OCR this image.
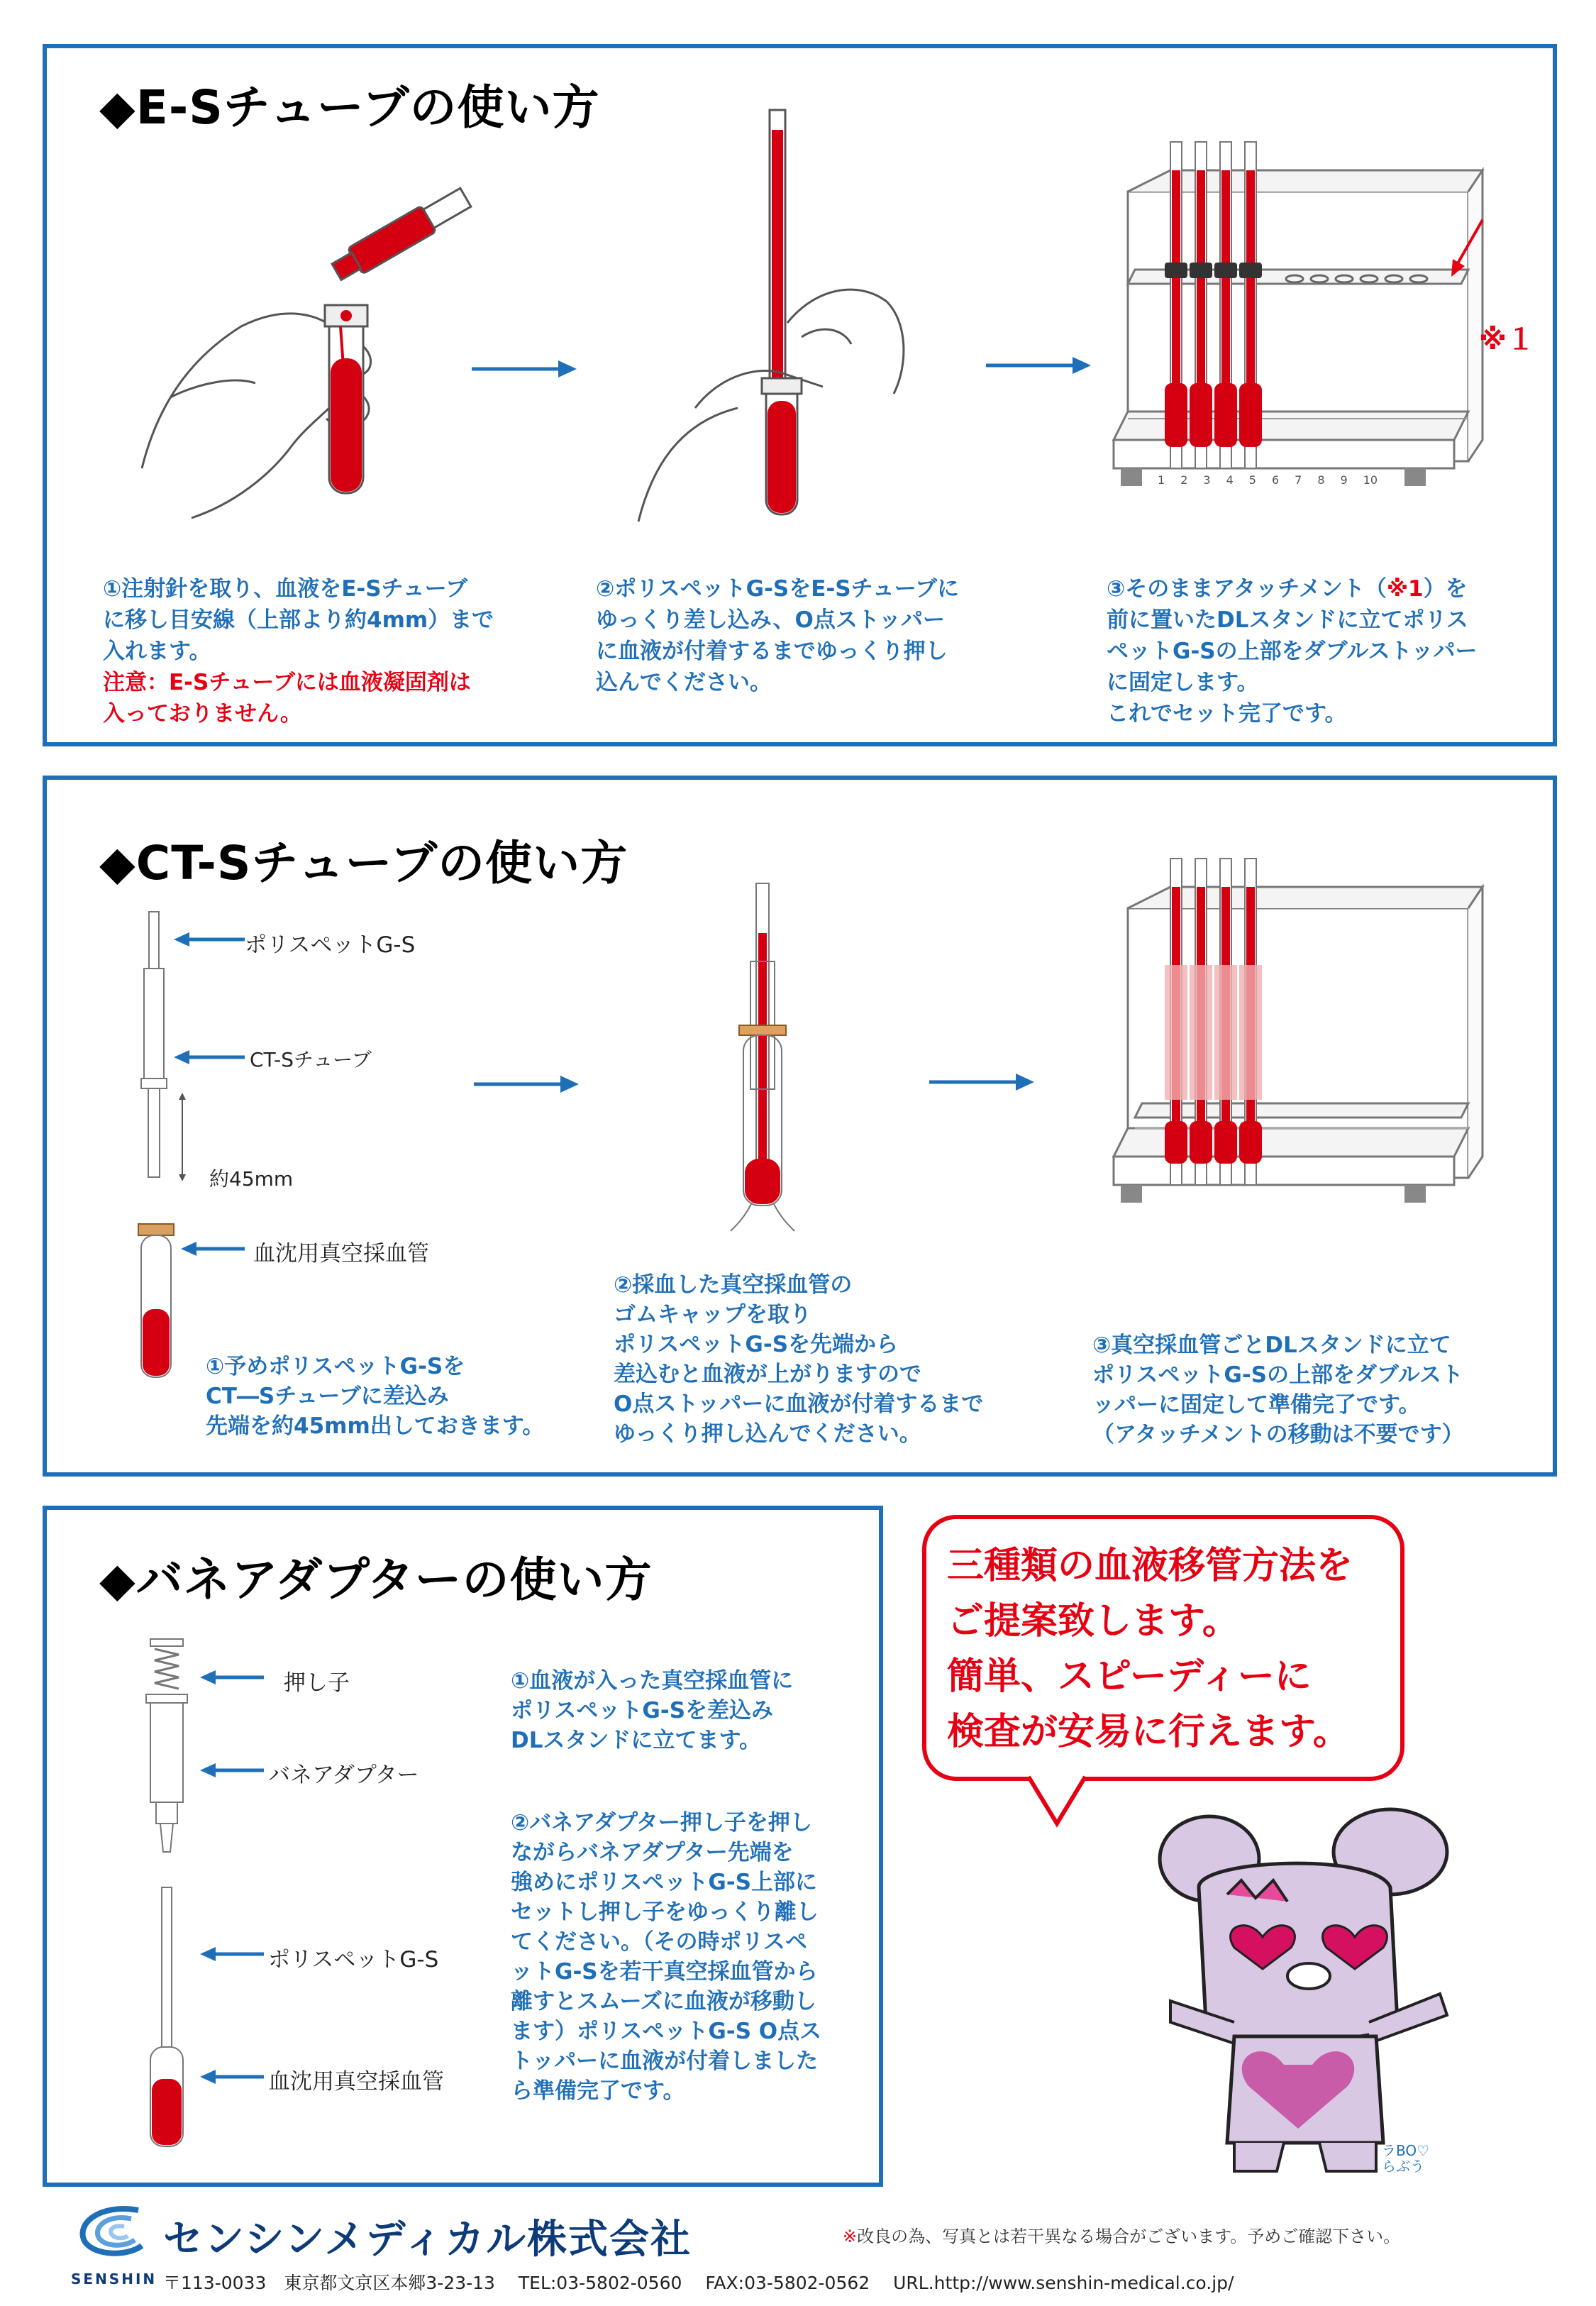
◆E-Sチューブの使い方
1 2 3 4 5 6 7 8 9 10
※１
①注射針を取り、血液をE-Sチューブ
に移し目安線（上部より約4mm）まで
入れます。
注意：E-Sチューブには血液凝固剤は
入っておりません。
②ポリスペットG-SをE-Sチューブに
ゆっくり差し込み、O点ストッパー
に血液が付着するまでゆっくり押し
込んでください。
③そのままアタッチメント（※1）を
前に置いたDLスタンドに立てポリス
ペットG-Sの上部をダブルストッパー
に固定します。
これでセット完了です。
◆CT-Sチューブの使い方
ポリスペットG-S
CT-Sチューブ
約45mm
血沈用真空採血管
①予めポリスペットG-Sを
CT―Sチューブに差込み
先端を約45mm出しておきます。
②採血した真空採血管の
ゴムキャップを取り
ポリスペットG-Sを先端から
差込むと血液が上がりますので
O点ストッパーに血液が付着するまで
ゆっくり押し込んでください。
③真空採血管ごとDLスタンドに立て
ポリスペットG-Sの上部をダブルスト
ッパーに固定して準備完了です。
（アタッチメントの移動は不要です）
◆バネアダプターの使い方
押し子
バネアダプター
ポリスペットG-S
血沈用真空採血管
①血液が入った真空採血管に
ポリスペットG-Sを差込み
DLスタンドに立てます。
②バネアダプター押し子を押し
ながらバネアダプター先端を
強めにポリスペットG-S上部に
セットし押し子をゆっくり離し
てください。（その時ポリスペ
ットG-Sを若干真空採血管から
離すとスムーズに血液が移動し
ます）ポリスペットG-S O点ス
トッパーに血液が付着しました
ら準備完了です。
三種類の血液移管方法を
ご提案致します。
簡単、スピーディーに
検査が安易に行えます。
ラBO♡
らぶう
SENSHIN
センシンメディカル株式会社
〒113-0033　東京都文京区本郷3-23-13　 TEL:03-5802-0560　 FAX:03-5802-0562　 URL.http://www.senshin-medical.co.jp/
※改良の為、写真とは若干異なる場合がございます。予めご確認下さい。
